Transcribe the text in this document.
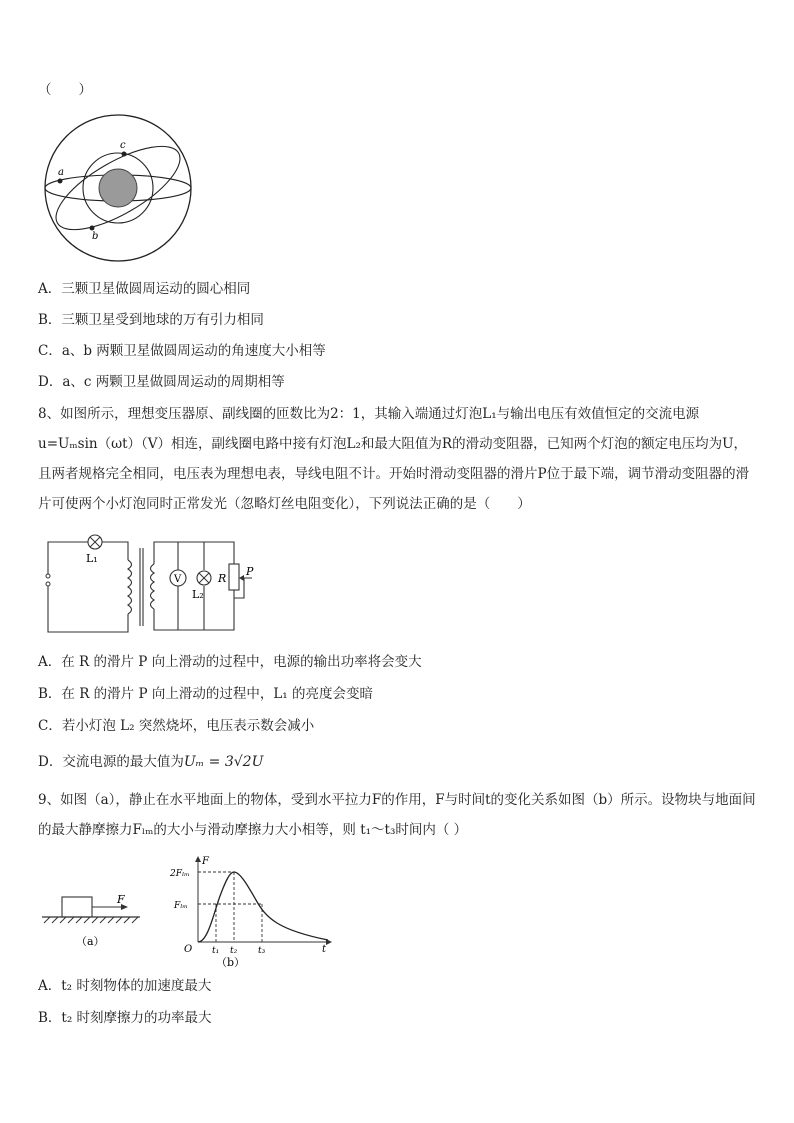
（　　）
a
b
c
A．三颗卫星做圆周运动的圆心相同
B．三颗卫星受到地球的万有引力相同
C．a、b 两颗卫星做圆周运动的角速度大小相等
D．a、c 两颗卫星做圆周运动的周期相等
8、如图所示，理想变压器原、副线圈的匝数比为2：1，其输入端通过灯泡L₁与输出电压有效值恒定的交流电源u=Uₘsin（ωt）（V）相连，副线圈电路中接有灯泡L₂和最大阻值为R的滑动变阻器，已知两个灯泡的额定电压均为U，且两者规格完全相同，电压表为理想电表，导线电阻不计。开始时滑动变阻器的滑片P位于最下端，调节滑动变阻器的滑片可使两个小灯泡同时正常发光（忽略灯丝电阻变化），下列说法正确的是（　　）
V
L₁
L₂
R
P
A．在 R 的滑片 P 向上滑动的过程中，电源的输出功率将会变大
B．在 R 的滑片 P 向上滑动的过程中，L₁ 的亮度会变暗
C．若小灯泡 L₂ 突然烧坏，电压表示数会减小
D．交流电源的最大值为Uₘ = 3√2U
9、如图（a），静止在水平地面上的物体，受到水平拉力F的作用，F与时间t的变化关系如图（b）所示。设物块与地面间的最大静摩擦力Fₗₘ的大小与滑动摩擦力大小相等，则 t₁～t₃时间内（ ）
F
（a）
F
t
O
2Fₗₘ
Fₗₘ
t₁ t₂ t₃
（b）
A．t₂ 时刻物体的加速度最大
B．t₂ 时刻摩擦力的功率最大
